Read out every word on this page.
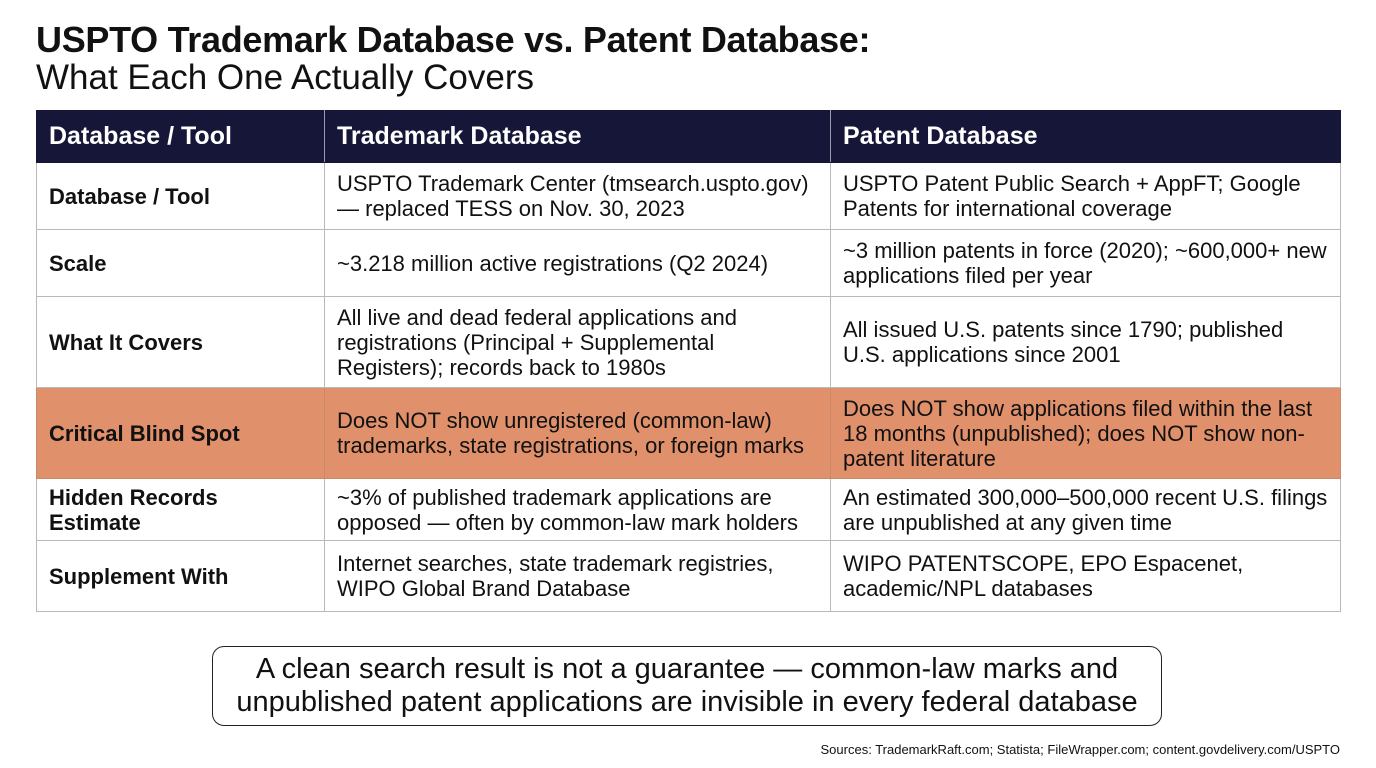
USPTO Trademark Database vs. Patent Database:
What Each One Actually Covers
Database / Tool	Trademark Database	Patent Database
Database / Tool	USPTO Trademark Center (tmsearch.uspto.gov) — replaced TESS on Nov. 30, 2023	USPTO Patent Public Search + AppFT; Google Patents for international coverage
Scale	~3.218 million active registrations (Q2 2024)	~3 million patents in force (2020); ~600,000+ new applications filed per year
What It Covers	All live and dead federal applications and registrations (Principal + Supplemental Registers); records back to 1980s	All issued U.S. patents since 1790; published U.S. applications since 2001
Critical Blind Spot	Does NOT show unregistered (common-law) trademarks, state registrations, or foreign marks	Does NOT show applications filed within the last 18 months (unpublished); does NOT show non-patent literature
Hidden Records Estimate	~3% of published trademark applications are opposed — often by common-law mark holders	An estimated 300,000–500,000 recent U.S. filings are unpublished at any given time
Supplement With	Internet searches, state trademark registries, WIPO Global Brand Database	WIPO PATENTSCOPE, EPO Espacenet, academic/NPL databases
A clean search result is not a guarantee — common-law marks and unpublished patent applications are invisible in every federal database
Sources: TrademarkRaft.com; Statista; FileWrapper.com; content.govdelivery.com/USPTO
